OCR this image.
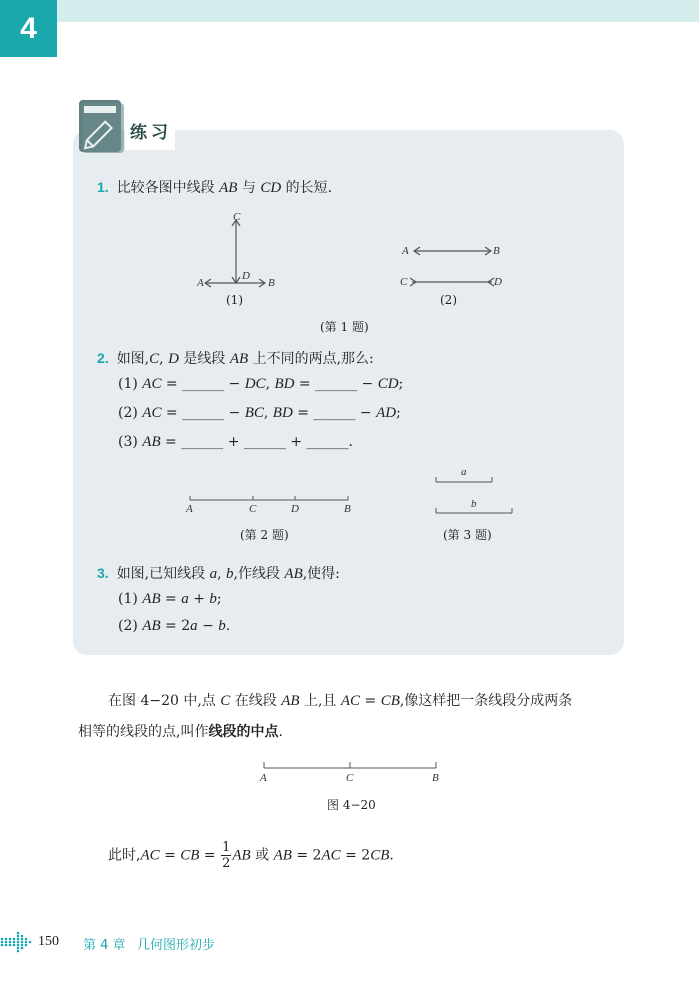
4
练习
1. 比较各图中线段 AB 与 CD 的长短.
C
A
D
B
(1)
A	B
C	D
(2)
(第 1 题)
2. 如图,C, D 是线段 AB 上不同的两点,那么:
(1) AC = ______ − DC, BD = ______ − CD;
(2) AC = ______ − BC, BD = ______ − AD;
(3) AB = ______ + ______ + ______.
A	C	D	B
(第 2 题)
a
b
(第 3 题)
3. 如图,已知线段 a, b,作线段 AB,使得:
(1) AB = a + b;
(2) AB = 2a − b.
在图 4−20 中,点 C 在线段 AB 上,且 AC = CB,像这样把一条线段分成两条
相等的线段的点,叫作线段的中点.
A	C	B
图 4−20
此时,AC = CB = $\frac{1}{2}$ AB 或 AB = 2AC = 2CB.
150 第 4 章 几何图形初步
